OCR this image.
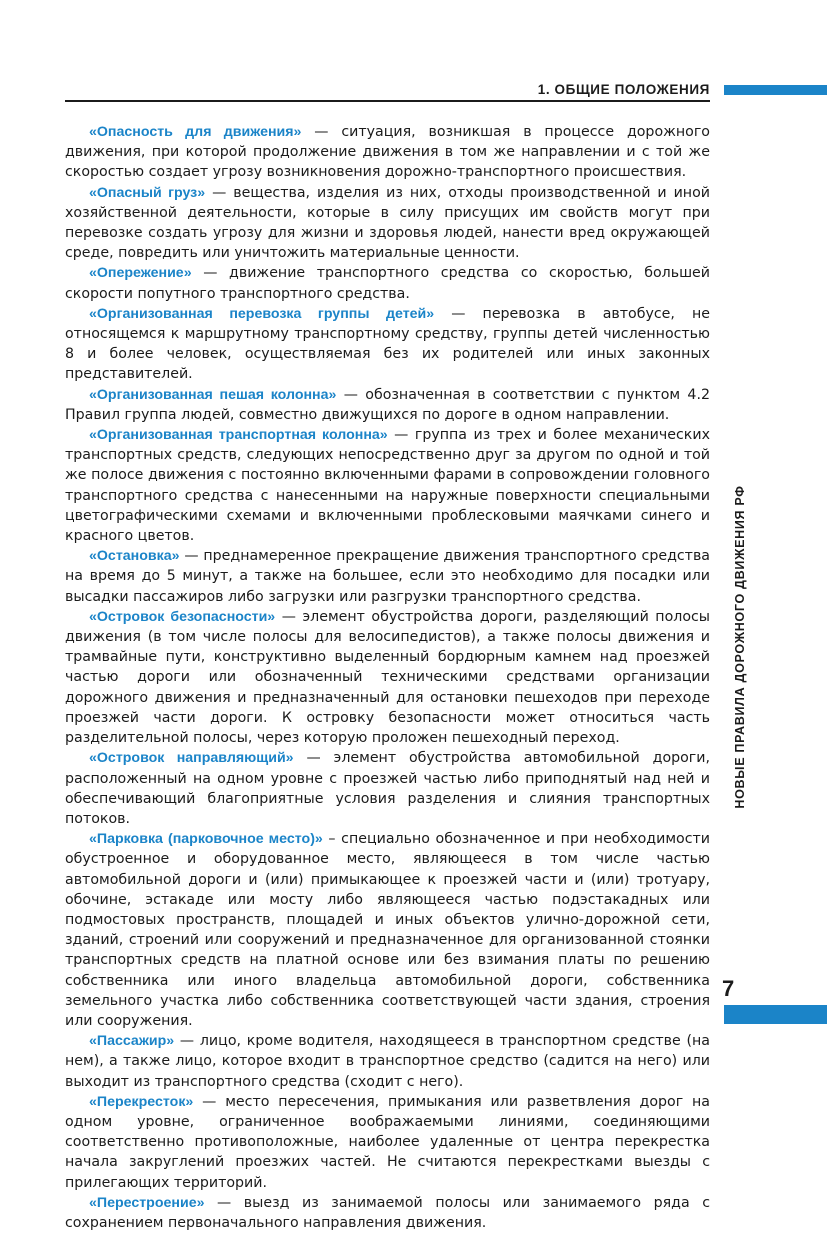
1. ОБЩИЕ ПОЛОЖЕНИЯ
НОВЫЕ ПРАВИЛА ДОРОЖНОГО ДВИЖЕНИЯ РФ
7

«Опасность для движения» — ситуация, возникшая в процессе дорожного движения, при которой продолжение движения в том же направлении и с той же скоростью создает угрозу возникновения дорожно-транспортного происшествия.

«Опасный груз» — вещества, изделия из них, отходы производственной и иной хозяйственной деятельности, которые в силу присущих им свойств могут при перевозке создать угрозу для жизни и здоровья людей, нанести вред окружающей среде, повредить или уничтожить материальные ценности.

«Опережение» — движение транспортного средства со скоростью, большей скорости попутного транспортного средства.

«Организованная перевозка группы детей» — перевозка в автобусе, не относящемся к маршрутному транспортному средству, группы детей численностью 8 и более человек, осуществляемая без их родителей или иных законных представителей.

«Организованная пешая колонна» — обозначенная в соответствии с пунктом 4.2 Правил группа людей, совместно движущихся по дороге в одном направлении.

«Организованная транспортная колонна» — группа из трех и более механических транспортных средств, следующих непосредственно друг за другом по одной и той же полосе движения с постоянно включенными фарами в сопровождении головного транспортного средства с нанесенными на наружные поверхности специальными цветографическими схемами и включенными проблесковыми маячками синего и красного цветов.

«Остановка» — преднамеренное прекращение движения транспортного средства на время до 5 минут, а также на большее, если это необходимо для посадки или высадки пассажиров либо загрузки или разгрузки транспортного средства.

«Островок безопасности» — элемент обустройства дороги, разделяющий полосы движения (в том числе полосы для велосипедистов), а также полосы движения и трамвайные пути, конструктивно выделенный бордюрным камнем над проезжей частью дороги или обозначенный техническими средствами организации дорожного движения и предназначенный для остановки пешеходов при переходе проезжей части дороги. К островку безопасности может относиться часть разделительной полосы, через которую проложен пешеходный переход.

«Островок направляющий» — элемент обустройства автомобильной дороги, расположенный на одном уровне с проезжей частью либо приподнятый над ней и обеспечивающий благоприятные условия разделения и слияния транспортных потоков.

«Парковка (парковочное место)» – специально обозначенное и при необходимости обустроенное и оборудованное место, являющееся в том числе частью автомобильной дороги и (или) примыкающее к проезжей части и (или) тротуару, обочине, эстакаде или мосту либо являющееся частью подэстакадных или подмостовых пространств, площадей и иных объектов улично-дорожной сети, зданий, строений или сооружений и предназначенное для организованной стоянки транспортных средств на платной основе или без взимания платы по решению собственника или иного владельца автомобильной дороги, собственника земельного участка либо собственника соответствующей части здания, строения или сооружения.

«Пассажир» — лицо, кроме водителя, находящееся в транспортном средстве (на нем), а также лицо, которое входит в транспортное средство (садится на него) или выходит из транспортного средства (сходит с него).

«Перекресток» — место пересечения, примыкания или разветвления дорог на одном уровне, ограниченное воображаемыми линиями, соединяющими соответственно противоположные, наиболее удаленные от центра перекрестка начала закруглений проезжих частей. Не считаются перекрестками выезды с прилегающих территорий.

«Перестроение» — выезд из занимаемой полосы или занимаемого ряда с сохранением первоначального направления движения.
